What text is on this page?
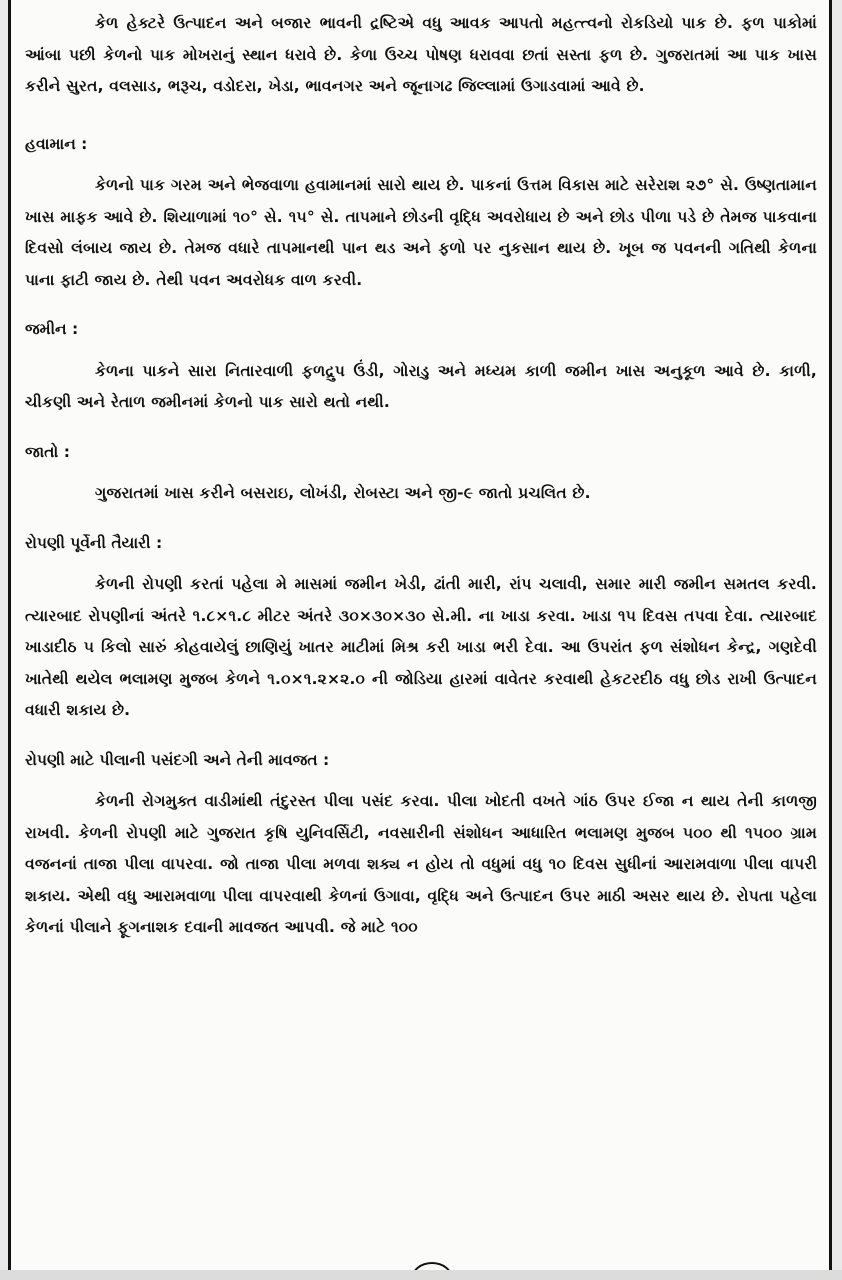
કેળ હેક્ટરે ઉત્પાદન અને બજાર ભાવની દ્રષ્ટિએ વધુ આવક આપતો મહત્ત્વનો રોકડિયો પાક છે. ફળ પાકોમાં આંબા પછી કેળનો પાક મોખરાનું સ્થાન ધરાવે છે. કેળા ઉચ્ચ પોષણ ધરાવવા છતાં સસ્તા ફળ છે. ગુજરાતમાં આ પાક ખાસ કરીને સુરત, વલસાડ, ભરૂચ, વડોદરા, ખેડા, ભાવનગર અને જૂનાગઢ જિલ્લામાં ઉગાડવામાં આવે છે.

હવામાન :

કેળનો પાક ગરમ અને ભેજવાળા હવામાનમાં સારો થાય છે. પાકનાં ઉત્તમ વિકાસ માટે સરેરાશ ૨૭° સે. ઉષ્ણતામાન ખાસ માફક આવે છે. શિયાળામાં ૧૦° સે. ૧૫° સે. તાપમાને છોડની વૃદ્ધિ અવરોધાય છે અને છોડ પીળા પડે છે તેમજ પાકવાના દિવસો લંબાય જાય છે. તેમજ વધારે તાપમાનથી પાન થડ અને ફળો પર નુકસાન થાય છે. ખૂબ જ પવનની ગતિથી કેળના પાના ફાટી જાય છે. તેથી પવન અવરોધક વાળ કરવી.

જમીન :

કેળના પાકને સારા નિતારવાળી ફળદ્રુપ ઉંડી, ગોરાડુ અને મધ્યમ કાળી જમીન ખાસ અનુકૂળ આવે છે. કાળી, ચીકણી અને રેતાળ જમીનમાં કેળનો પાક સારો થતો નથી.

જાતો :

ગુજરાતમાં ખાસ કરીને બસરાઇ, લોખંડી, રોબસ્ટા અને જી-૯ જાતો પ્રચલિત છે.

રોપણી પૂર્વેની તૈયારી :

કેળની રોપણી કરતાં પહેલા મે માસમાં જમીન ખેડી, ઢાંતી મારી, રાંપ ચલાવી, સમાર મારી જમીન સમતલ કરવી. ત્યારબાદ રોપણીનાં અંતરે ૧.૮×૧.૮ મીટર અંતરે ૩૦×૩૦×૩૦ સે.મી. ના ખાડા કરવા. ખાડા ૧૫ દિવસ તપવા દેવા. ત્યારબાદ ખાડાદીઠ ૫ કિલો સારું કોહવાયેલું છાણિયું ખાતર માટીમાં મિશ્ર કરી ખાડા ભરી દેવા. આ ઉપરાંત ફળ સંશોધન કેન્દ્ર, ગણદેવી ખાતેથી થયેલ ભલામણ મુજબ કેળને ૧.૦×૧.૨×૨.૦ ની જોડિયા હારમાં વાવેતર કરવાથી હેકટરદીઠ વધુ છોડ રાખી ઉત્પાદન વધારી શકાય છે.

રોપણી માટે પીલાની પસંદગી અને તેની માવજત :

કેળની રોગમુક્ત વાડીમાંથી તંદુરસ્ત પીલા પસંદ કરવા. પીલા ખોદતી વખતે ગાંઠ ઉપર ઈજા ન થાય તેની કાળજી રાખવી. કેળની રોપણી માટે ગુજરાત કૃષિ યુનિવર્સિટી, નવસારીની સંશોધન આધારિત ભલામણ મુજબ ૫૦૦ થી ૧૫૦૦ ગ્રામ વજનનાં તાજા પીલા વાપરવા. જો તાજા પીલા મળવા શક્ય ન હોય તો વધુમાં વધુ ૧૦ દિવસ સુધીનાં આરામવાળા પીલા વાપરી શકાય. એથી વધુ આરામવાળા પીલા વાપરવાથી કેળનાં ઉગાવા, વૃદ્ધિ અને ઉત્પાદન ઉપર માઠી અસર થાય છે. રોપતા પહેલા કેળનાં પીલાને ફૂગનાશક દવાની માવજત આપવી. જે માટે ૧૦૦
